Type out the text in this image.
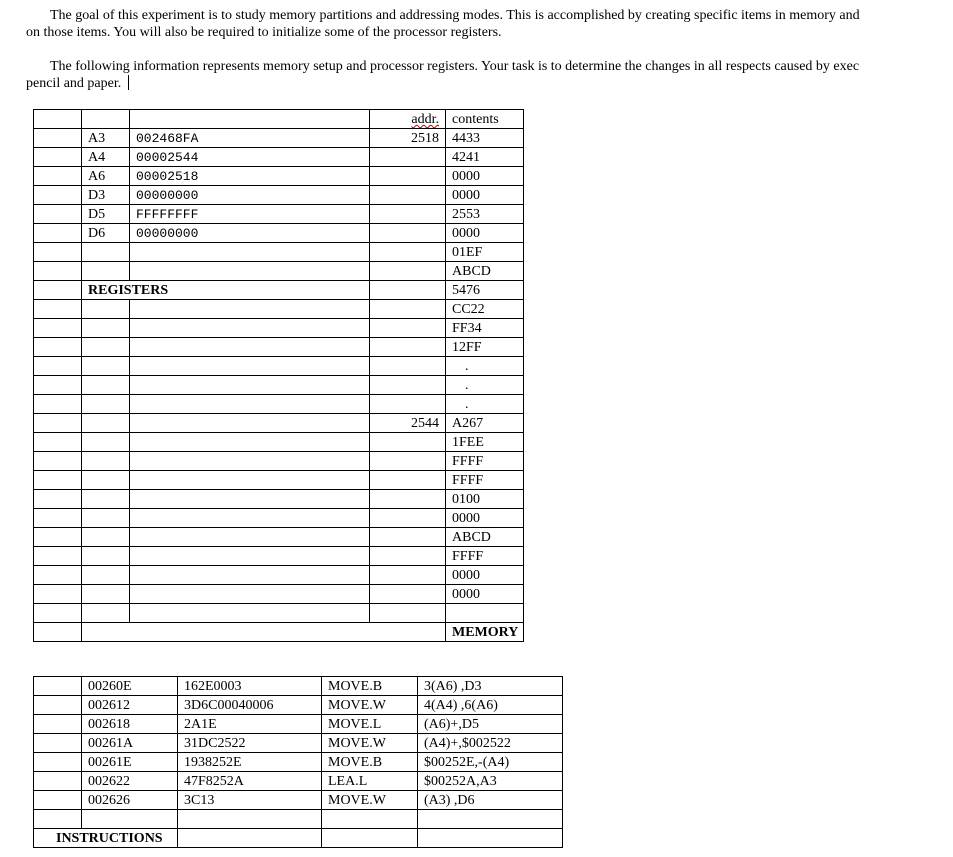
The goal of this experiment is to study memory partitions and addressing modes. This is accomplished by creating specific items in memory and
on those items. You will also be required to initialize some of the processor registers.
The following information represents memory setup and processor registers. Your task is to determine the changes in all respects caused by exec
pencil and paper.
			addr.	contents
	A3	002468FA	2518	4433
	A4	00002544		4241
	A6	00002518		0000
	D3	00000000		0000
	D5	FFFFFFFF		2553
	D6	00000000		0000
				01EF
				ABCD
	REGISTERS			5476
				CC22
				FF34
				12FF
				.
				.
				.
			2544	A267
				1FEE
				FFFF
				FFFF
				0100
				0000
				ABCD
				FFFF
				0000
				0000

				MEMORY
	00260E	162E0003	MOVE.B	3(A6) ,D3
	002612	3D6C00040006	MOVE.W	4(A4) ,6(A6)
	002618	2A1E	MOVE.L	(A6)+,D5
	00261A	31DC2522	MOVE.W	(A4)+,$002522
	00261E	1938252E	MOVE.B	$00252E,-(A4)
	002622	47F8252A	LEA.L	$00252A,A3
	002626	3C13	MOVE.W	(A3) ,D6

INSTRUCTIONS				
